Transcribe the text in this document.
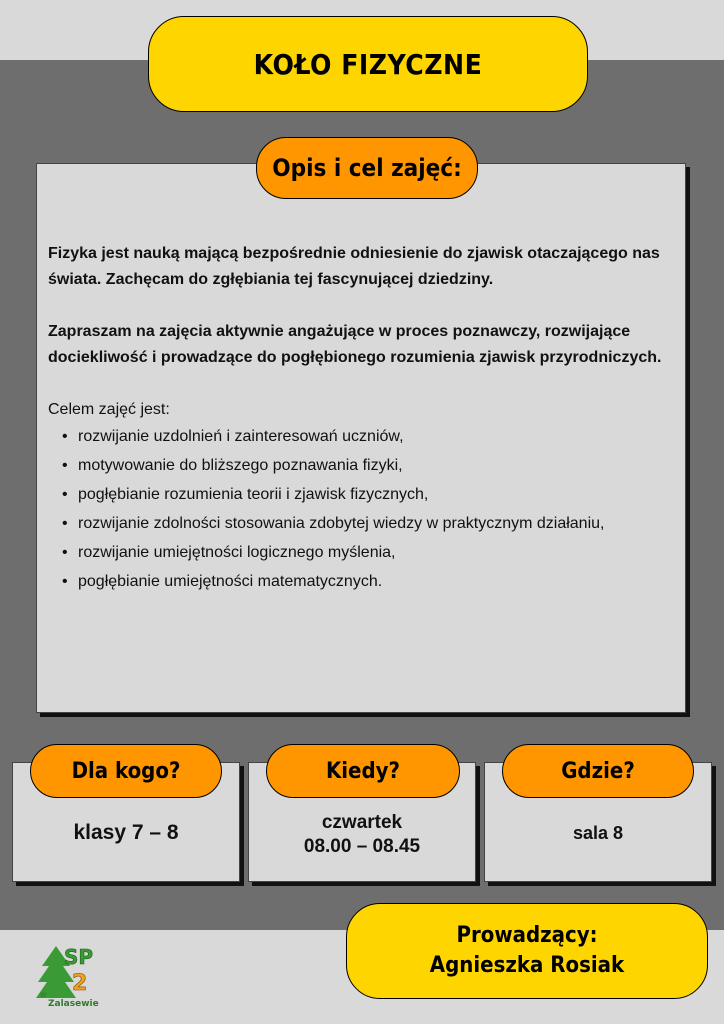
KOŁO FIZYCZNE
Opis i cel zajęć:

Fizyka jest nauką mającą bezpośrednie odniesienie do zjawisk otaczającego nas świata. Zachęcam do zgłębiania tej fascynującej dziedziny.

Zapraszam na zajęcia aktywnie angażujące w proces poznawczy, rozwijające dociekliwość i prowadzące do pogłębionego rozumienia zjawisk przyrodniczych.

Celem zajęć jest:

• rozwijanie uzdolnień i zainteresowań uczniów,
• motywowanie do bliższego poznawania fizyki,
• pogłębianie rozumienia teorii i zjawisk fizycznych,
• rozwijanie zdolności stosowania zdobytej wiedzy w praktycznym działaniu,
• rozwijanie umiejętności logicznego myślenia,
• pogłębianie umiejętności matematycznych.
klasy 7 – 8
Dla kogo?
czwartek
08.00 – 08.45
Kiedy?
sala 8
Gdzie?
Prowadzący:
Agnieszka Rosiak
SP
2
w
Zalasewie
